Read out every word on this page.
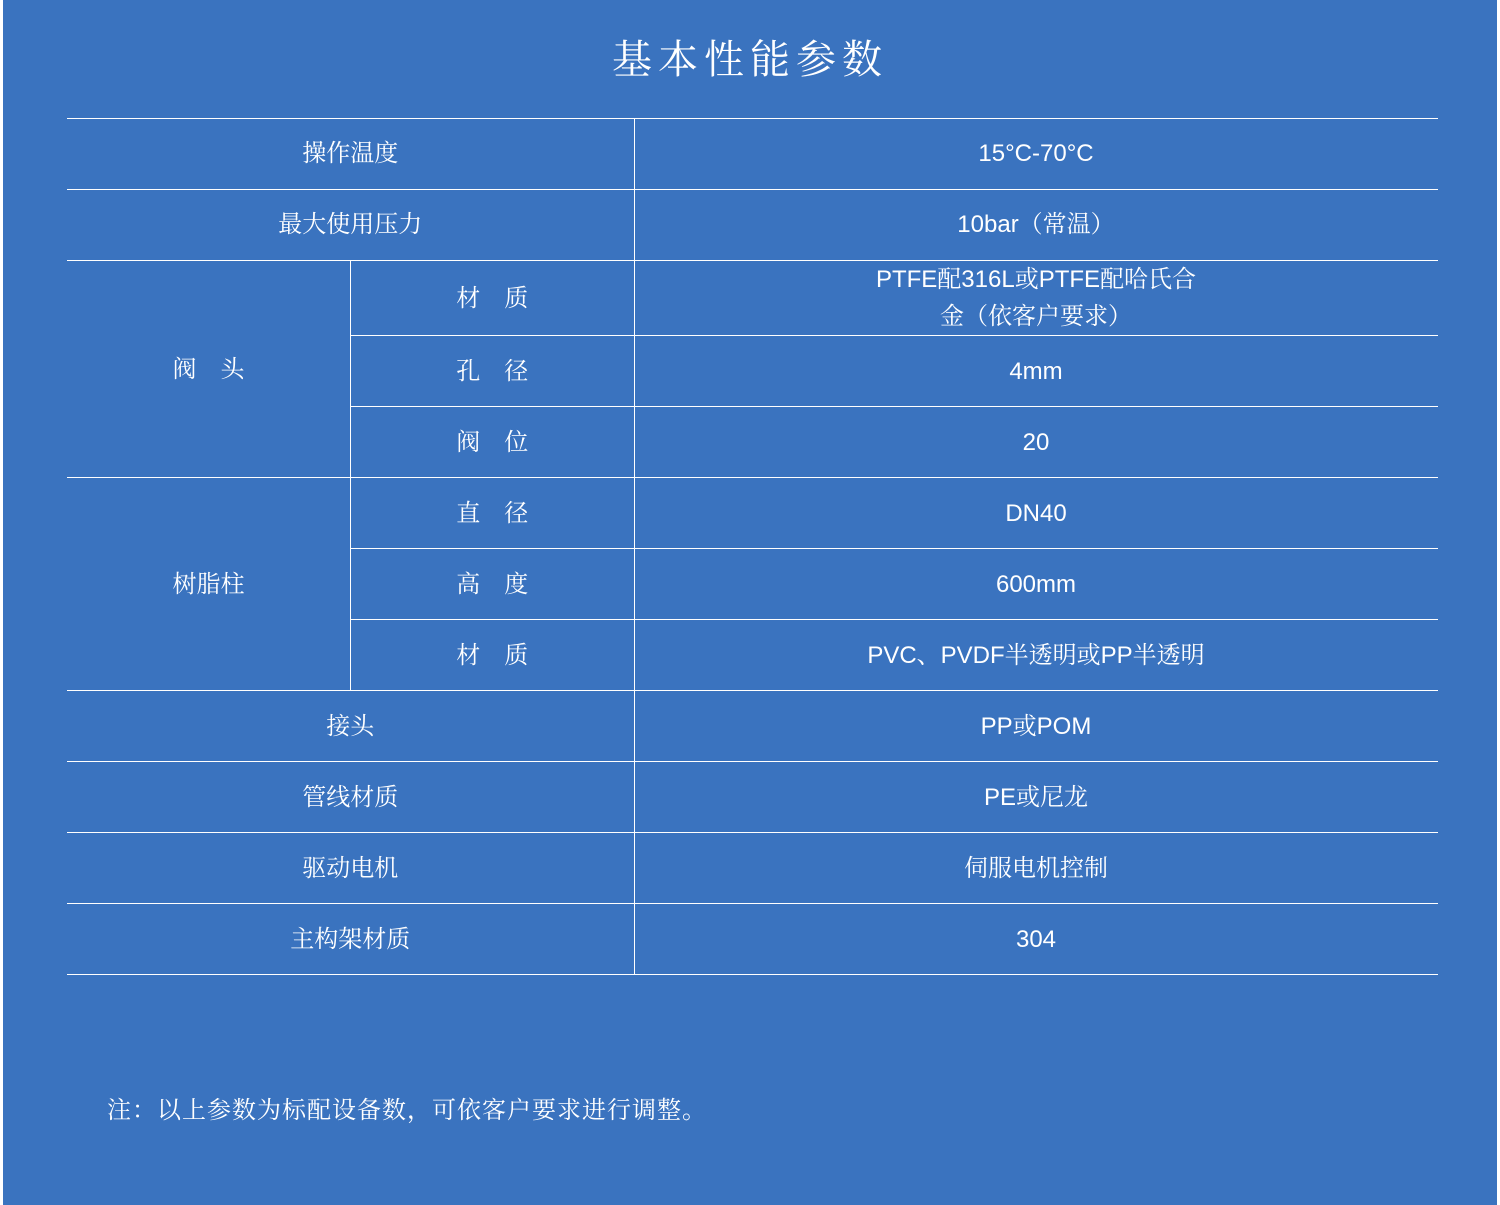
基本性能参数
操作温度		15°C-70°C
最大使用压力		10bar（常温）
阀　头	材　质	PTFE配316L或PTFE配哈氏合
金（依客户要求）

	孔　径	4mm
	阀　位	20
树脂柱	直　径	DN40
	高　度	600mm
	材　质	PVC、PVDF半透明或PP半透明
接头		PP或POM
管线材质		PE或尼龙
驱动电机		伺服电机控制
主构架材质		304
注：以上参数为标配设备数，可依客户要求进行调整。
